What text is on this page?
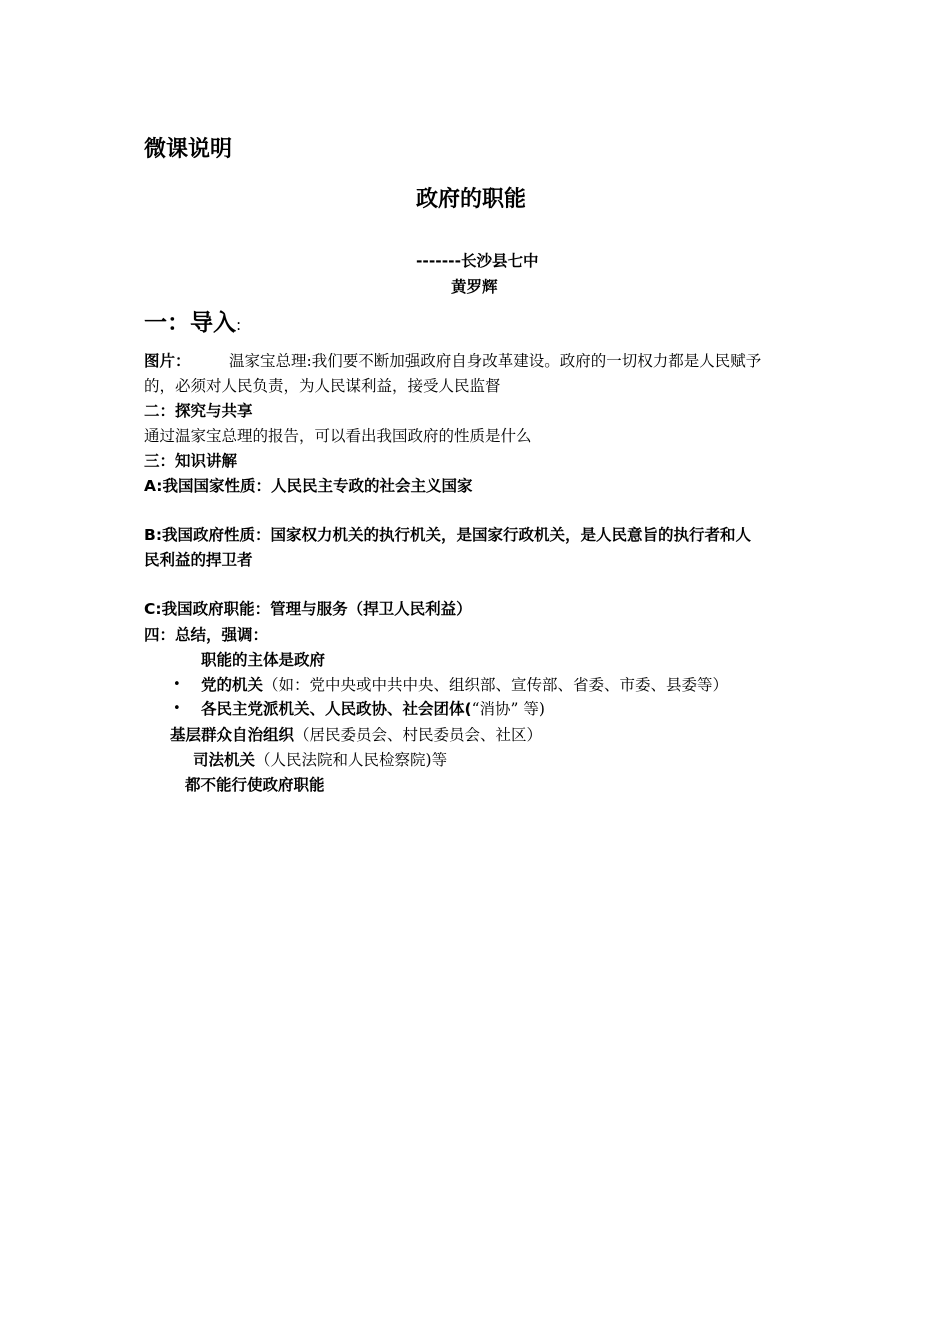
微课说明
政府的职能
-------长沙县七中
黄罗辉
一：导入:
图片： 温家宝总理:我们要不断加强政府自身改革建设。政府的一切权力都是人民赋予
的，必须对人民负责，为人民谋利益，接受人民监督
二：探究与共享
通过温家宝总理的报告，可以看出我国政府的性质是什么
三：知识讲解
A:我国国家性质：人民民主专政的社会主义国家
B:我国政府性质：国家权力机关的执行机关，是国家行政机关，是人民意旨的执行者和人
民利益的捍卫者
C:我国政府职能：管理与服务（捍卫人民利益）
四：总结，强调：
职能的主体是政府
• 党的机关（如：党中央或中共中央、组织部、宣传部、省委、市委、县委等）
• 各民主党派机关、人民政协、社会团体(“消协” 等)
基层群众自治组织（居民委员会、村民委员会、社区）
司法机关（人民法院和人民检察院)等
都不能行使政府职能
